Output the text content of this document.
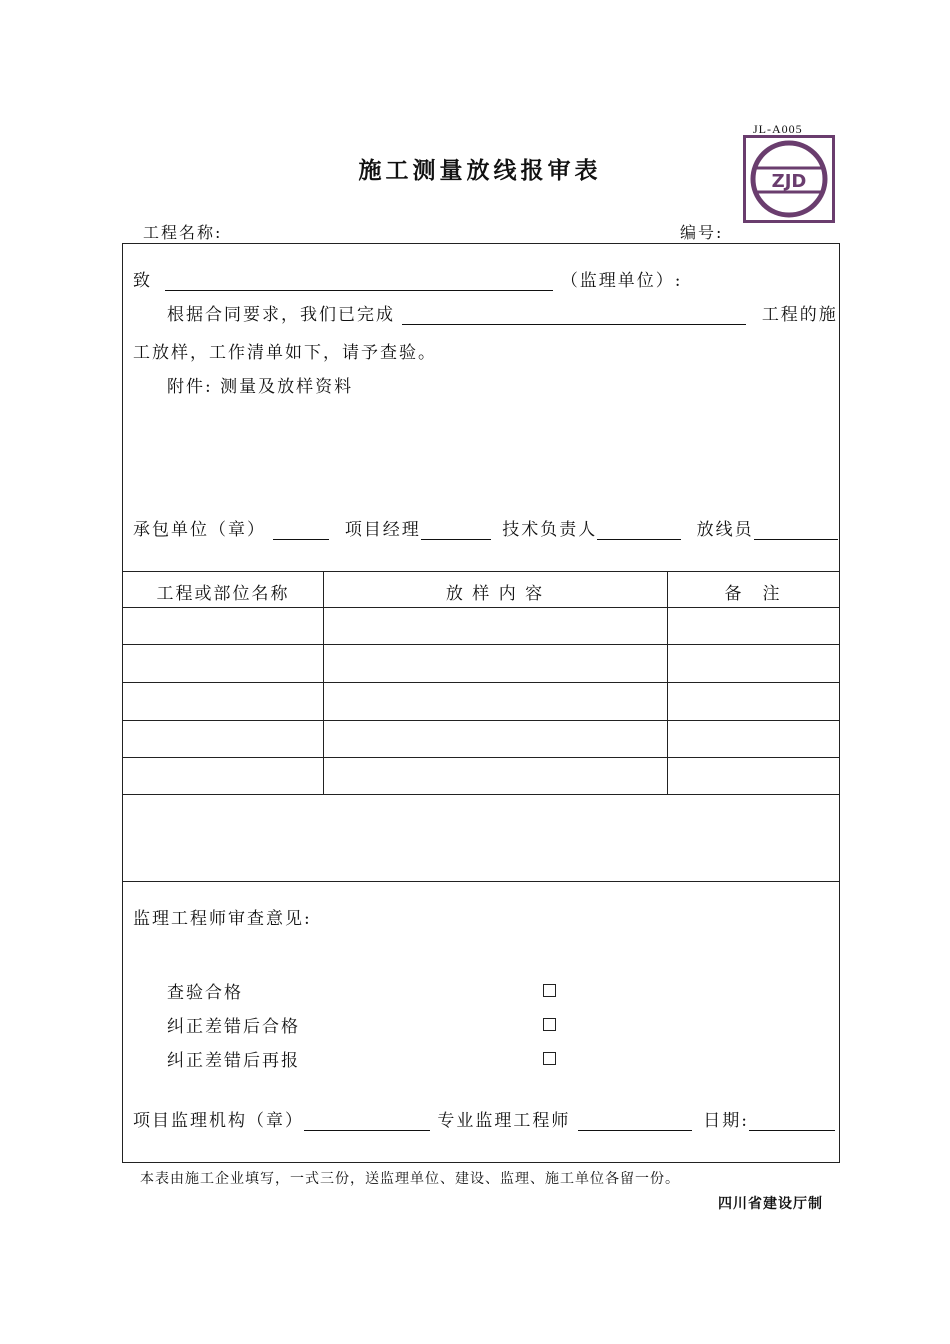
JL-A005
ZJD
施工测量放线报审表
工程名称:	编号:
致	（监理单位）:
根据合同要求，我们已完成	工程的施
工放样，工作清单如下，请予查验。
附件: 测量及放样资料
承包单位（章）	项目经理	技术负责人	放线员
工程或部位名称	放 样 内 容	备　注
监理工程师审查意见:
查验合格
纠正差错后合格
纠正差错后再报
项目监理机构（章）	专业监理工程师	日期:
本表由施工企业填写，一式三份，送监理单位、建设、监理、施工单位各留一份。
四川省建设厅制
